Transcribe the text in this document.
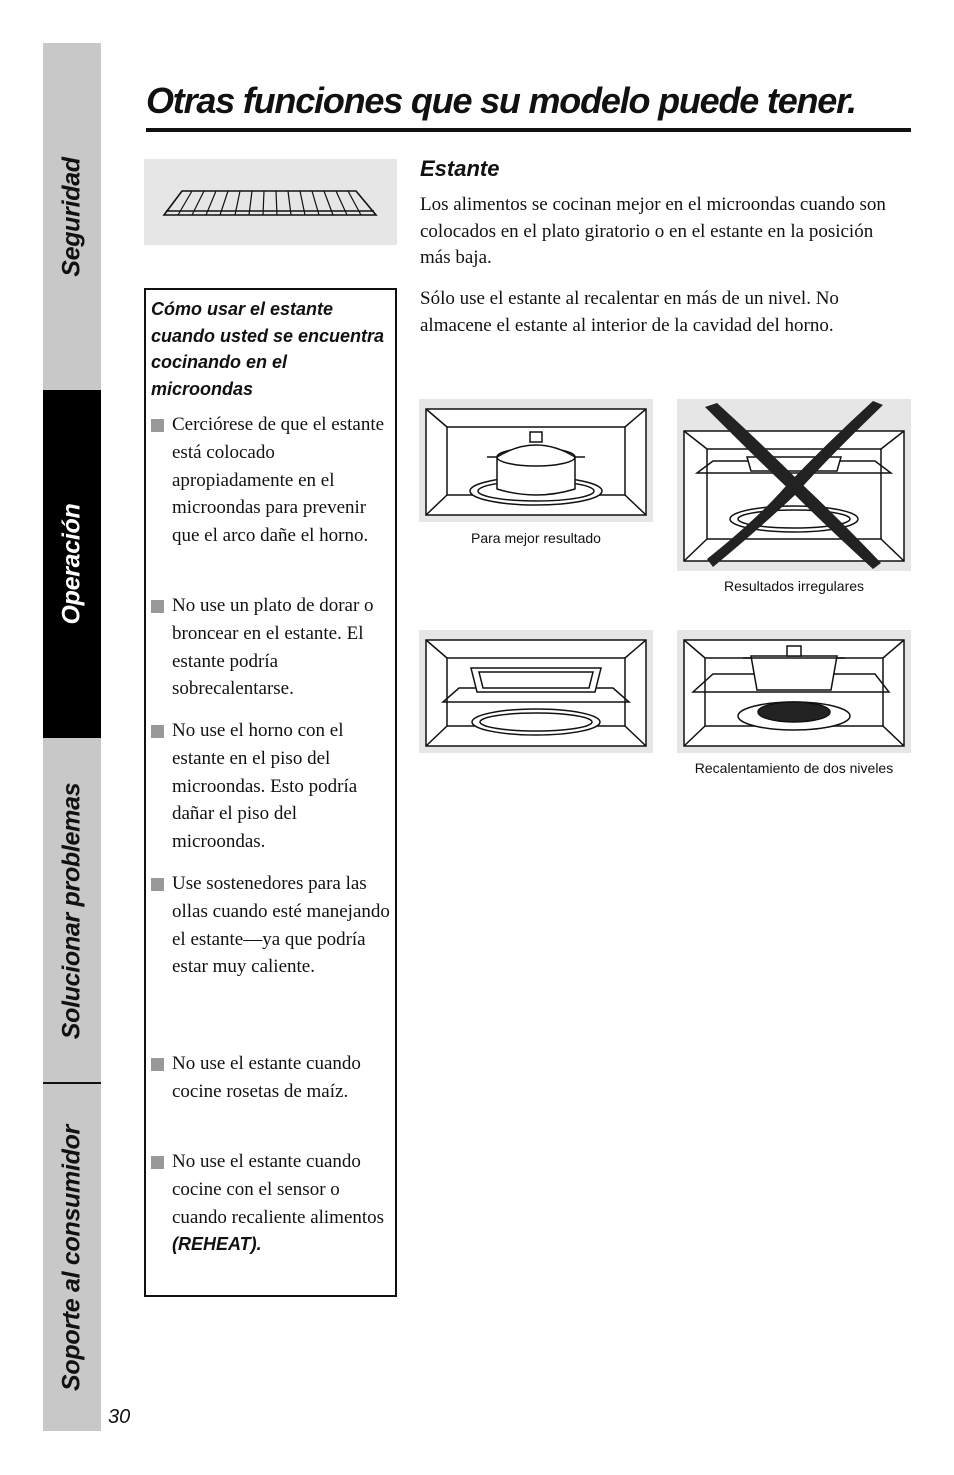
Seguridad
Operación
Solucionar problemas
Soporte al consumidor
Otras funciones que su modelo puede tener.
Estante

Los alimentos se cocinan mejor en el microondas cuando son colocados en el plato giratorio o en el estante en la posición más baja.

Sólo use el estante al recalentar en más de un nivel. No almacene el estante al interior de la cavidad del horno.

Cómo usar el estante cuando usted se encuentra cocinando en el microondas

Cerciórese de que el estante está colocado apropiadamente en el microondas para prevenir que el arco dañe el horno.
No use un plato de dorar o broncear en el estante. El estante podría sobrecalentarse.
No use el horno con el estante en el piso del microondas. Esto podría dañar el piso del microondas.
Use sostenedores para las ollas cuando esté manejando el estante—ya que podría estar muy caliente.
No use el estante cuando cocine rosetas de maíz.
No use el estante cuando cocine con el sensor o cuando recaliente alimentos
(REHEAT).
Para mejor resultado
Resultados irregulares
Recalentamiento de dos niveles
30
